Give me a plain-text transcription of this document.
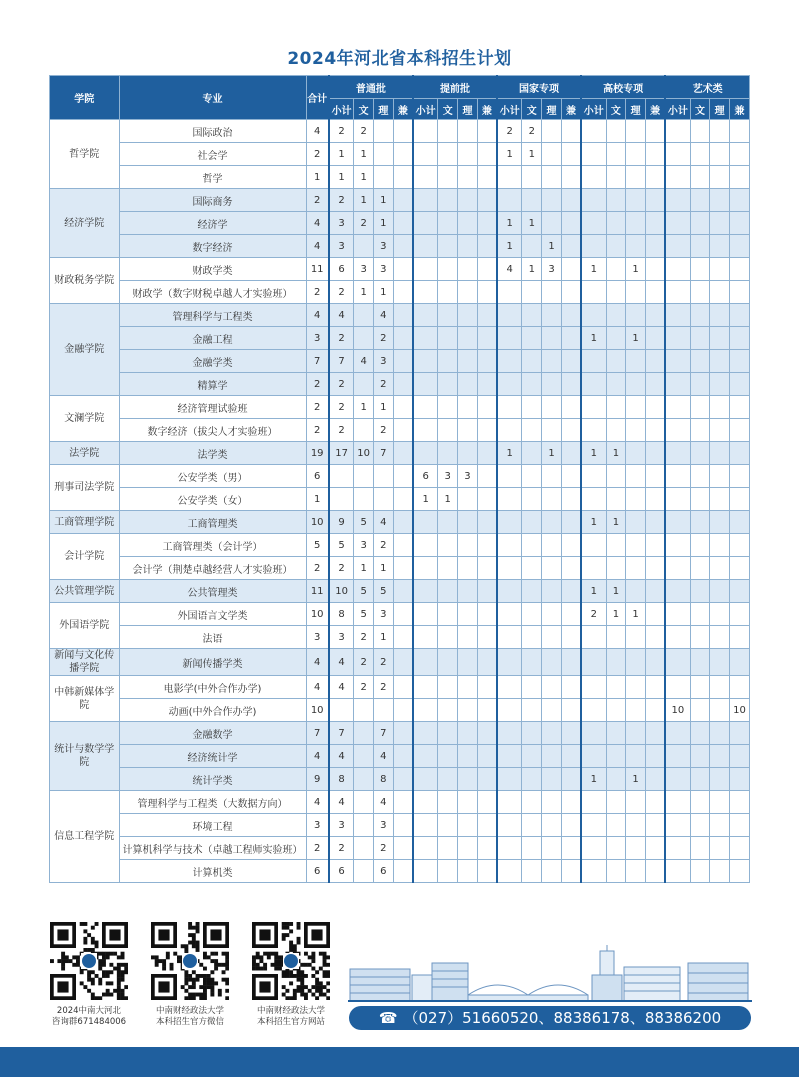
2024年河北省本科招生计划
学院	专业	合计	普通批				提前批				国家专项				高校专项				艺术类			
			小计	文	理	兼	小计	文	理	兼	小计	文	理	兼	小计	文	理	兼	小计	文	理	兼
哲学院	国际政治	4	2	2							2	2										
	社会学	2	1	1							1	1										
	哲学	1	1	1																		
经济学院	国际商务	2	2	1	1																	
	经济学	4	3	2	1						1	1										
	数字经济	4	3		3						1		1									
财政税务学院	财政学类	11	6	3	3						4	1	3		1		1					
	财政学（数字财税卓越人才实验班）	2	2	1	1																	
金融学院	管理科学与工程类	4	4		4																	
	金融工程	3	2		2										1		1					
	金融学类	7	7	4	3																	
	精算学	2	2		2																	
文澜学院	经济管理试验班	2	2	1	1																	
	数字经济（拔尖人才实验班）	2	2		2																	
法学院	法学类	19	17	10	7						1		1		1	1						
刑事司法学院	公安学类（男）	6					6	3	3													
	公安学类（女）	1					1	1														
工商管理学院	工商管理类	10	9	5	4										1	1						
会计学院	工商管理类（会计学）	5	5	3	2																	
	会计学（荆楚卓越经营人才实验班）	2	2	1	1																	
公共管理学院	公共管理类	11	10	5	5										1	1						
外国语学院	外国语言文学类	10	8	5	3										2	1	1					
	法语	3	3	2	1																	
新闻与文化传播学院	新闻传播学类	4	4	2	2																	
中韩新媒体学院	电影学(中外合作办学)	4	4	2	2																	
	动画(中外合作办学)	10																	10			10
统计与数学学院	金融数学	7	7		7																	
	经济统计学	4	4		4																	
	统计学类	9	8		8										1		1					
信息工程学院	管理科学与工程类（大数据方向）	4	4		4																	
	环境工程	3	3		3																	
	计算机科学与技术（卓越工程师实验班）	2	2		2																	
	计算机类	6	6		6																	
2024中南大河北
咨询群671484006
中南财经政法大学
本科招生官方微信
中南财经政法大学
本科招生官方网站	☎ （027）51660520、88386178、88386200
